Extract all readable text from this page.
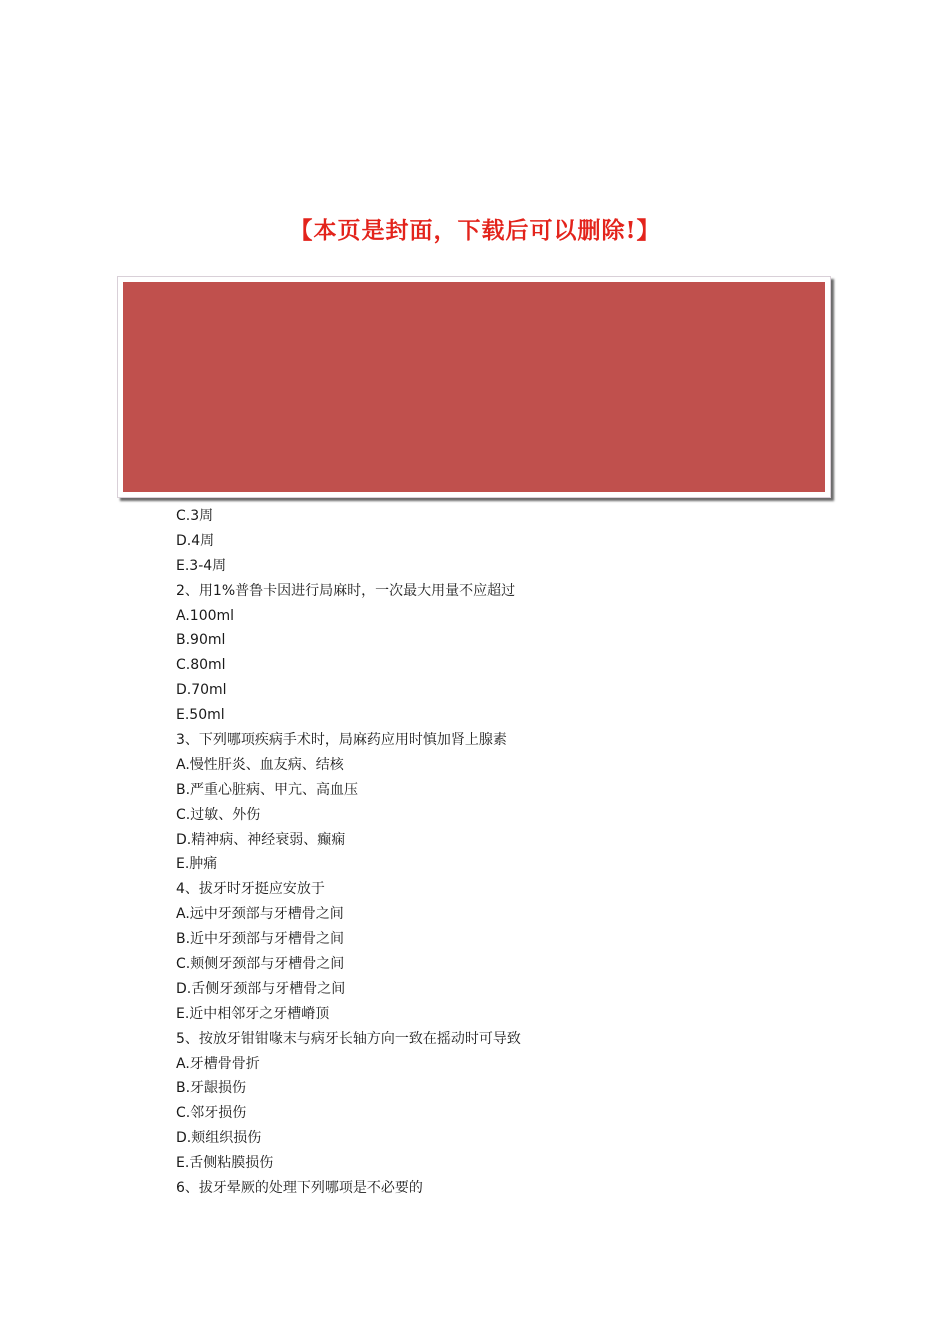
【本页是封面，下载后可以删除!】
C.3周
D.4周
E.3-4周
2、用1%普鲁卡因进行局麻时，一次最大用量不应超过
A.100ml
B.90ml
C.80ml
D.70ml
E.50ml
3、下列哪项疾病手术时，局麻药应用时慎加肾上腺素
A.慢性肝炎、血友病、结核
B.严重心脏病、甲亢、高血压
C.过敏、外伤
D.精神病、神经衰弱、癫痫
E.肿痛
4、拔牙时牙挺应安放于
A.远中牙颈部与牙槽骨之间
B.近中牙颈部与牙槽骨之间
C.颊侧牙颈部与牙槽骨之间
D.舌侧牙颈部与牙槽骨之间
E.近中相邻牙之牙槽嵴顶
5、按放牙钳钳喙末与病牙长轴方向一致在摇动时可导致
A.牙槽骨骨折
B.牙龈损伤
C.邻牙损伤
D.颊组织损伤
E.舌侧粘膜损伤
6、拔牙晕厥的处理下列哪项是不必要的
